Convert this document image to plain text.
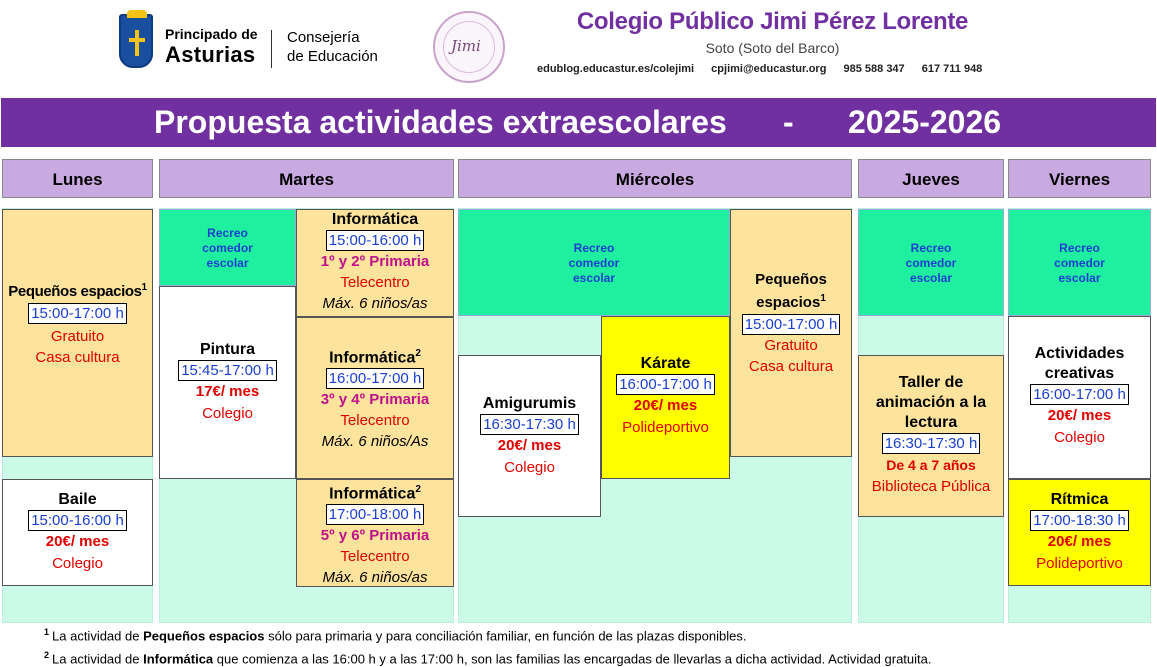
Principado de
Asturias
Consejería
de Educación
Jimi
Colegio Público Jimi Pérez Lorente
Soto (Soto del Barco)
edublog.educastur.es/colejimi cpjimi@educastur.org 985 588 347 617 711 948
Propuesta actividades extraescolares - 2025-2026
Lunes	Martes	Miércoles	Jueves	Viernes
Pequeños espacios$^1$
15:00-17:00 h
Gratuito
Casa cultura
Baile
15:00-16:00 h
20€/ mes
Colegio
Recreo
comedor
escolar
Pintura
15:45-17:00 h
17€/ mes
Colegio
Informática
15:00-16:00 h
1º y 2º Primaria
Telecentro
Máx. 6 niños/as
Informática$^2$
16:00-17:00 h
3º y 4º Primaria
Telecentro
Máx. 6 niños/As
Informática$^2$
17:00-18:00 h
5º y 6º Primaria
Telecentro
Máx. 6 niños/as
Recreo
comedor
escolar
Amigurumis
16:30-17:30 h
20€/ mes
Colegio
Kárate
16:00-17:00 h
20€/ mes
Polideportivo
Pequeños
espacios$^1$
15:00-17:00 h
Gratuito
Casa cultura
Recreo
comedor
escolar
Taller de
animación a la
lectura
16:30-17:30 h
De 4 a 7 años
Biblioteca Pública
Recreo
comedor
escolar
Actividades
creativas
16:00-17:00 h
20€/ mes
Colegio
Rítmica
17:00-18:30 h
20€/ mes
Polideportivo
$^1$ La actividad de Pequeños espacios sólo para primaria y para conciliación familiar, en función de las plazas disponibles.
$^2$ La actividad de Informática que comienza a las 16:00 h y a las 17:00 h, son las familias las encargadas de llevarlas a dicha actividad. Actividad gratuita.
